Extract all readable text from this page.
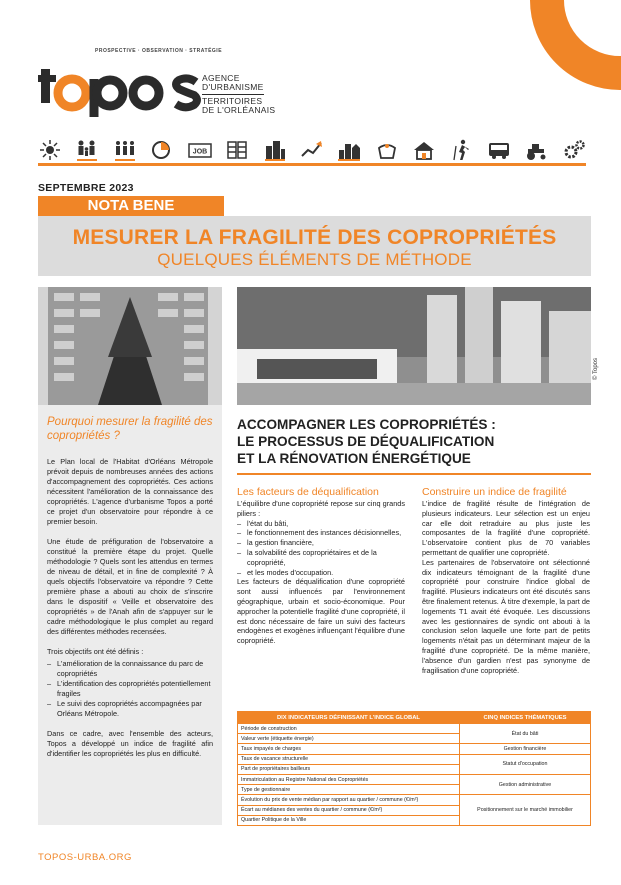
PROSPECTIVE · OBSERVATION · STRATÉGIE
AGENCE
D'URBANISME
TERRITOIRES
DE L'ORLÉANAIS
JOB
SEPTEMBRE 2023
NOTA BENE
MESURER LA FRAGILITÉ DES COPROPRIÉTÉS
QUELQUES ÉLÉMENTS DE MÉTHODE
© Topos
Pourquoi mesurer la fragilité des copropriétés ?

Le Plan local de l'Habitat d'Orléans Métropole prévoit depuis de nombreuses années des actions d'accompagnement des copropriétés. Ces actions nécessitent l'amélioration de la connaissance des copropriétés. L'agence d'urbanisme Topos a porté ce projet d'un observatoire pour répondre à ce premier besoin.

Une étude de préfiguration de l'observatoire a constitué la première étape du projet. Quelle méthodologie ? Quels sont les attendus en termes de niveau de détail, et in fine de complexité ? À quels objectifs l'observatoire va répondre ? Cette première phase a abouti au choix de s'inscrire dans le dispositif « Veille et observatoire des copropriétés » de l'Anah afin de s'appuyer sur le cadre méthodologique le plus complet au regard des différentes méthodes recensées.

Trois objectifs ont été définis :

– L'amélioration de la connaissance du parc de copropriétés
– L'identification des copropriétés potentiellement fragiles
– Le suivi des copropriétés accompagnées par Orléans Métropole.

Dans ce cadre, avec l'ensemble des acteurs, Topos a développé un indice de fragilité afin d'identifier les copropriétés les plus en difficulté.

TOPOS-URBA.ORG
ACCOMPAGNER LES COPROPRIÉTÉS :
LE PROCESSUS DE DÉQUALIFICATION
ET LA RÉNOVATION ÉNERGÉTIQUE
Les facteurs de déqualification

L'équilibre d'une copropriété repose sur cinq grands piliers :

– l'état du bâti,
– le fonctionnement des instances décisionnelles,
– la gestion financière,
– la solvabilité des copropriétaires et de la copropriété,
– et les modes d'occupation.

Les facteurs de déqualification d'une copropriété sont aussi influencés par l'environnement géographique, urbain et socio-économique. Pour approcher la potentielle fragilité d'une copropriété, il est donc nécessaire de faire un suivi des facteurs endogènes et exogènes influençant l'équilibre d'une copropriété.

Construire un indice de fragilité

L'indice de fragilité résulte de l'intégration de plusieurs indicateurs. Leur sélection est un enjeu car elle doit retraduire au plus juste les composantes de la fragilité d'une copropriété. L'observatoire contient plus de 70 variables permettant de qualifier une copropriété.

Les partenaires de l'observatoire ont sélectionné dix indicateurs témoignant de la fragilité d'une copropriété pour construire l'indice global de fragilité. Plusieurs indicateurs ont été discutés sans être finalement retenus. À titre d'exemple, la part de logements T1 avait été évoquée. Les discussions avec les gestionnaires de syndic ont abouti à la conclusion selon laquelle une forte part de petits logements n'était pas un déterminant majeur de la fragilité d'une copropriété. De la même manière, l'absence d'un gardien n'est pas synonyme de fragilisation d'une copropriété.

DIX INDICATEURS DÉFINISSANT L'INDICE GLOBAL	CINQ INDICES THÉMATIQUES
Période de construction	État du bâti
Valeur verte (étiquette énergie)	
Taux impayés de charges	Gestion financière
Taux de vacance structurelle	Statut d'occupation
Part de propriétaires bailleurs	
Immatriculation au Registre National des Copropriétés	Gestion administrative
Type de gestionnaire	
Évolution du prix de vente médian par rapport au quartier / commune (€/m²)	Positionnement sur le marché immobilier
Écart au médianes des ventes du quartier / commune (€/m²)	
Quartier Politique de la Ville	
